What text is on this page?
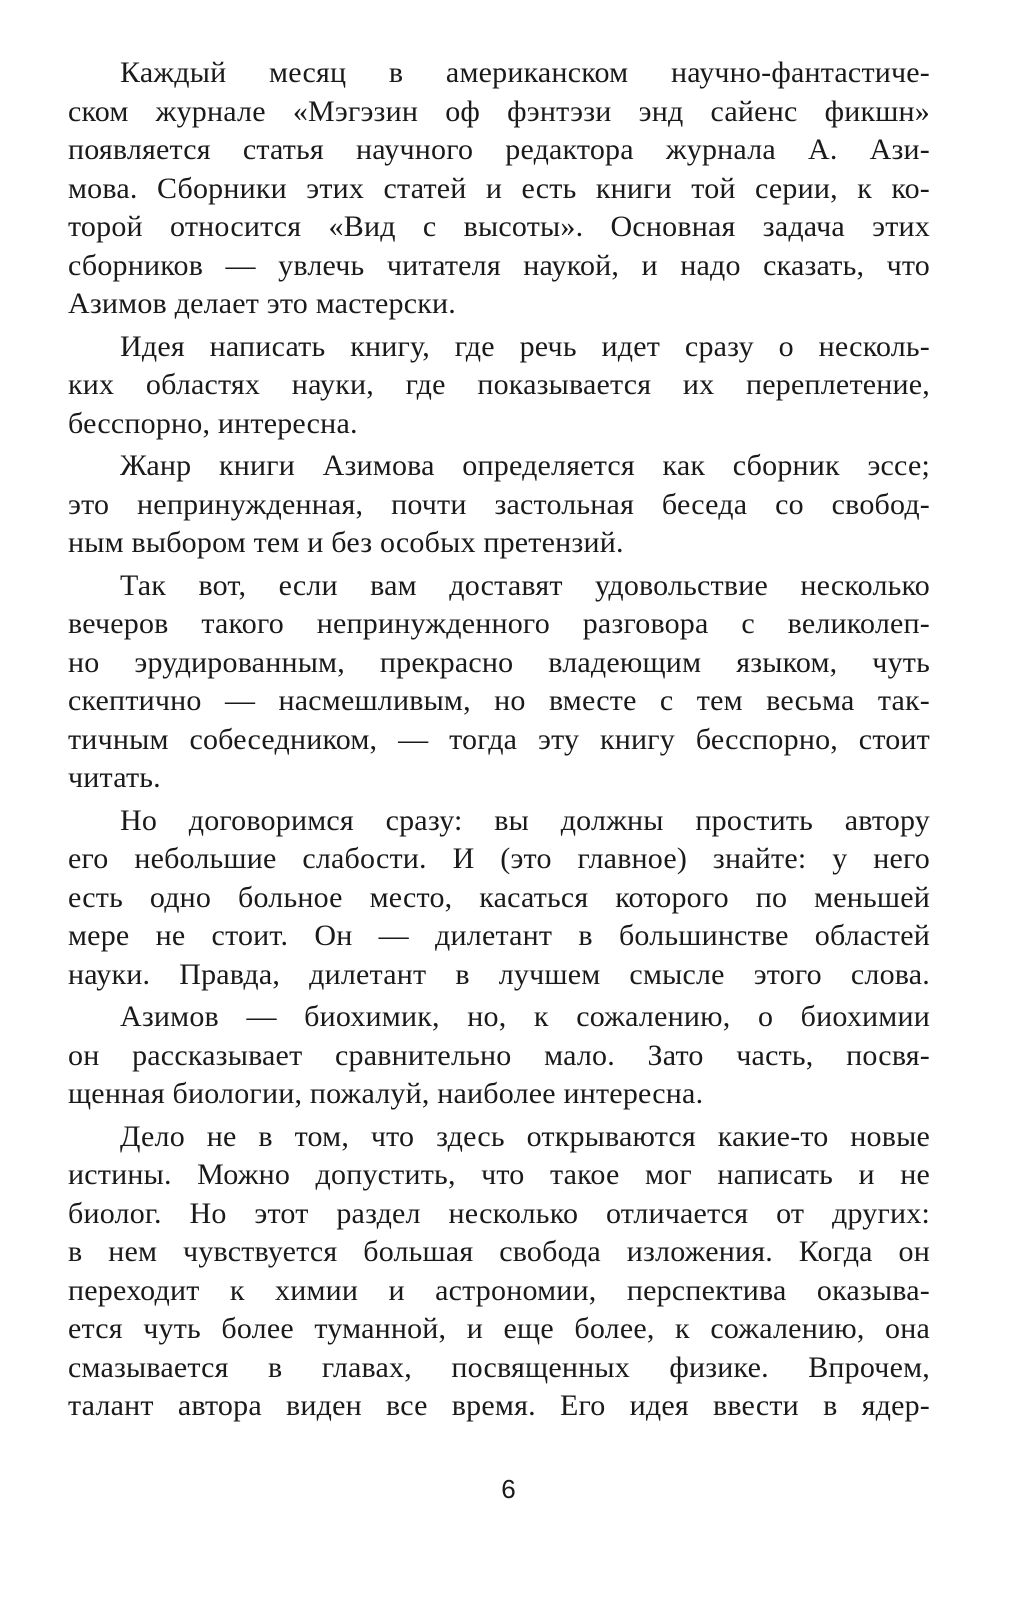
Каждый месяц в американском научно-фантастиче-
ском журнале «Мэгэзин оф фэнтэзи энд сайенс фикшн»
появляется статья научного редактора журнала А. Ази-
мова. Сборники этих статей и есть книги той серии, к ко-
торой относится «Вид с высоты». Основная задача этих
сборников — увлечь читателя наукой, и надо сказать, что
Азимов делает это мастерски.
Идея написать книгу, где речь идет сразу о несколь-
ких областях науки, где показывается их переплетение,
бесспорно, интересна.
Жанр книги Азимова определяется как сборник эссе;
это непринужденная, почти застольная беседа со свобод-
ным выбором тем и без особых претензий.
Так вот, если вам доставят удовольствие несколько
вечеров такого непринужденного разговора с великолеп-
но эрудированным, прекрасно владеющим языком, чуть
скептично — насмешливым, но вместе с тем весьма так-
тичным собеседником, — тогда эту книгу бесспорно, стоит
читать.
Но договоримся сразу: вы должны простить автору
его небольшие слабости. И (это главное) знайте: у него
есть одно больное место, касаться которого по меньшей
мере не стоит. Он — дилетант в большинстве областей
науки. Правда, дилетант в лучшем смысле этого слова.
Азимов — биохимик, но, к сожалению, о биохимии
он рассказывает сравнительно мало. Зато часть, посвя-
щенная биологии, пожалуй, наиболее интересна.
Дело не в том, что здесь открываются какие-то новые
истины. Можно допустить, что такое мог написать и не
биолог. Но этот раздел несколько отличается от других:
в нем чувствуется большая свобода изложения. Когда он
переходит к химии и астрономии, перспектива оказыва-
ется чуть более туманной, и еще более, к сожалению, она
смазывается в главах, посвященных физике. Впрочем,
талант автора виден все время. Его идея ввести в ядер-
6
